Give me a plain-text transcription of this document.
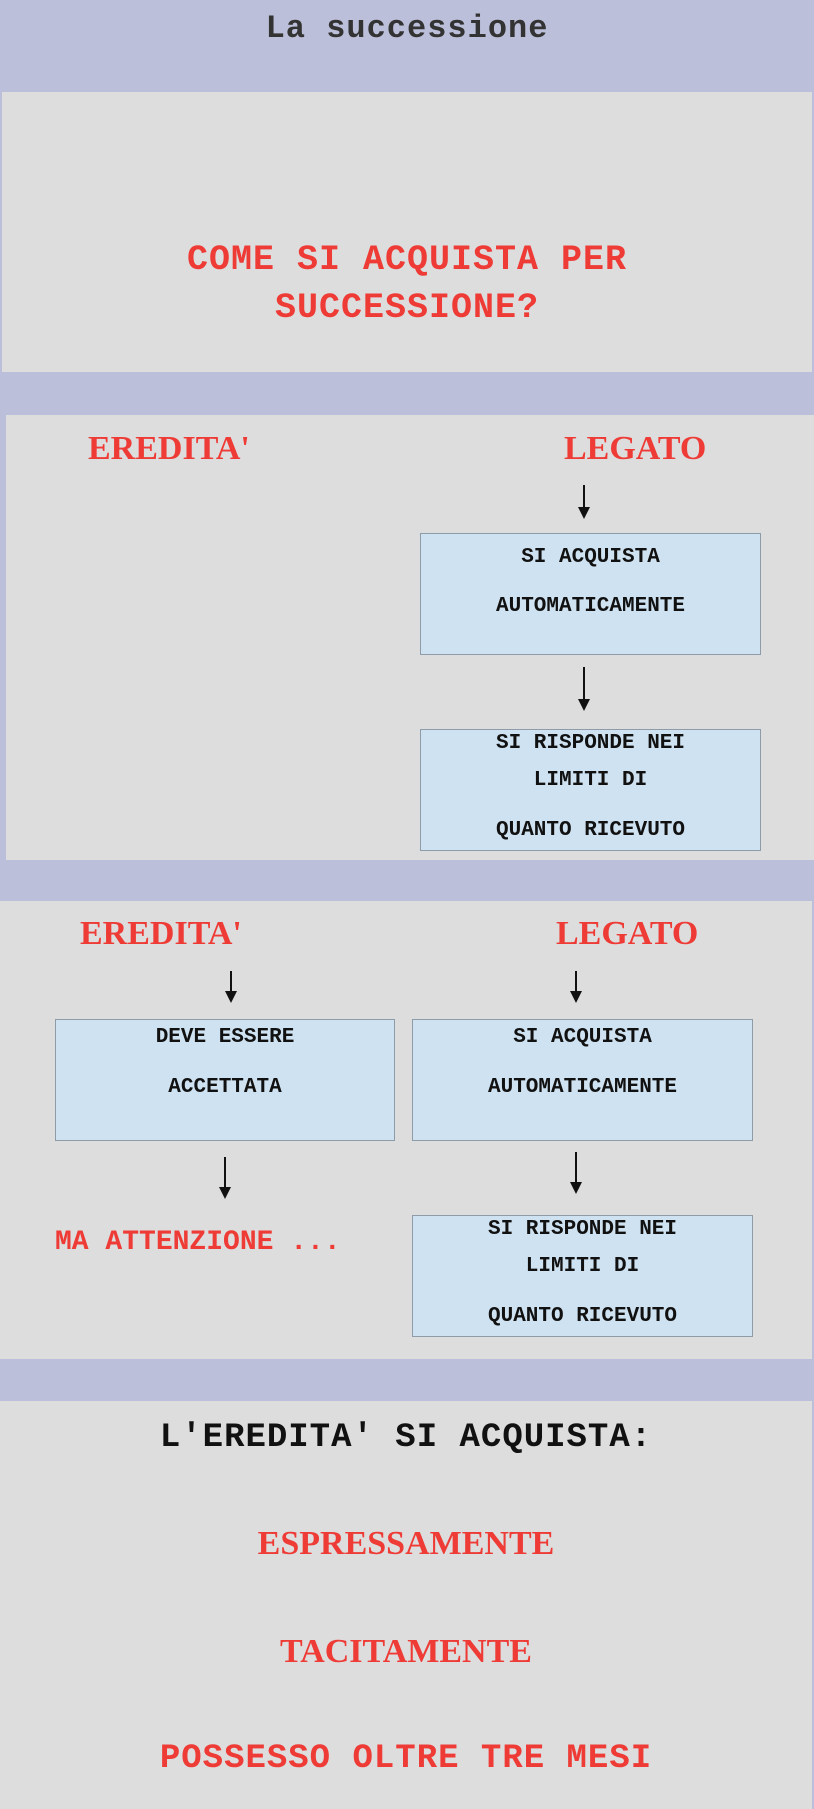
La successione
COME SI ACQUISTA PER
SUCCESSIONE?
EREDITA'	LEGATO
SI ACQUISTA
AUTOMATICAMENTE
SI RISPONDE NEI
LIMITI DI
QUANTO RICEVUTO
EREDITA'	LEGATO
DEVE ESSERE
ACCETTATA
SI ACQUISTA
AUTOMATICAMENTE
MA ATTENZIONE ...	SI RISPONDE NEI
LIMITI DI
QUANTO RICEVUTO
L'EREDITA' SI ACQUISTA:
ESPRESSAMENTE
TACITAMENTE
POSSESSO OLTRE TRE MESI
